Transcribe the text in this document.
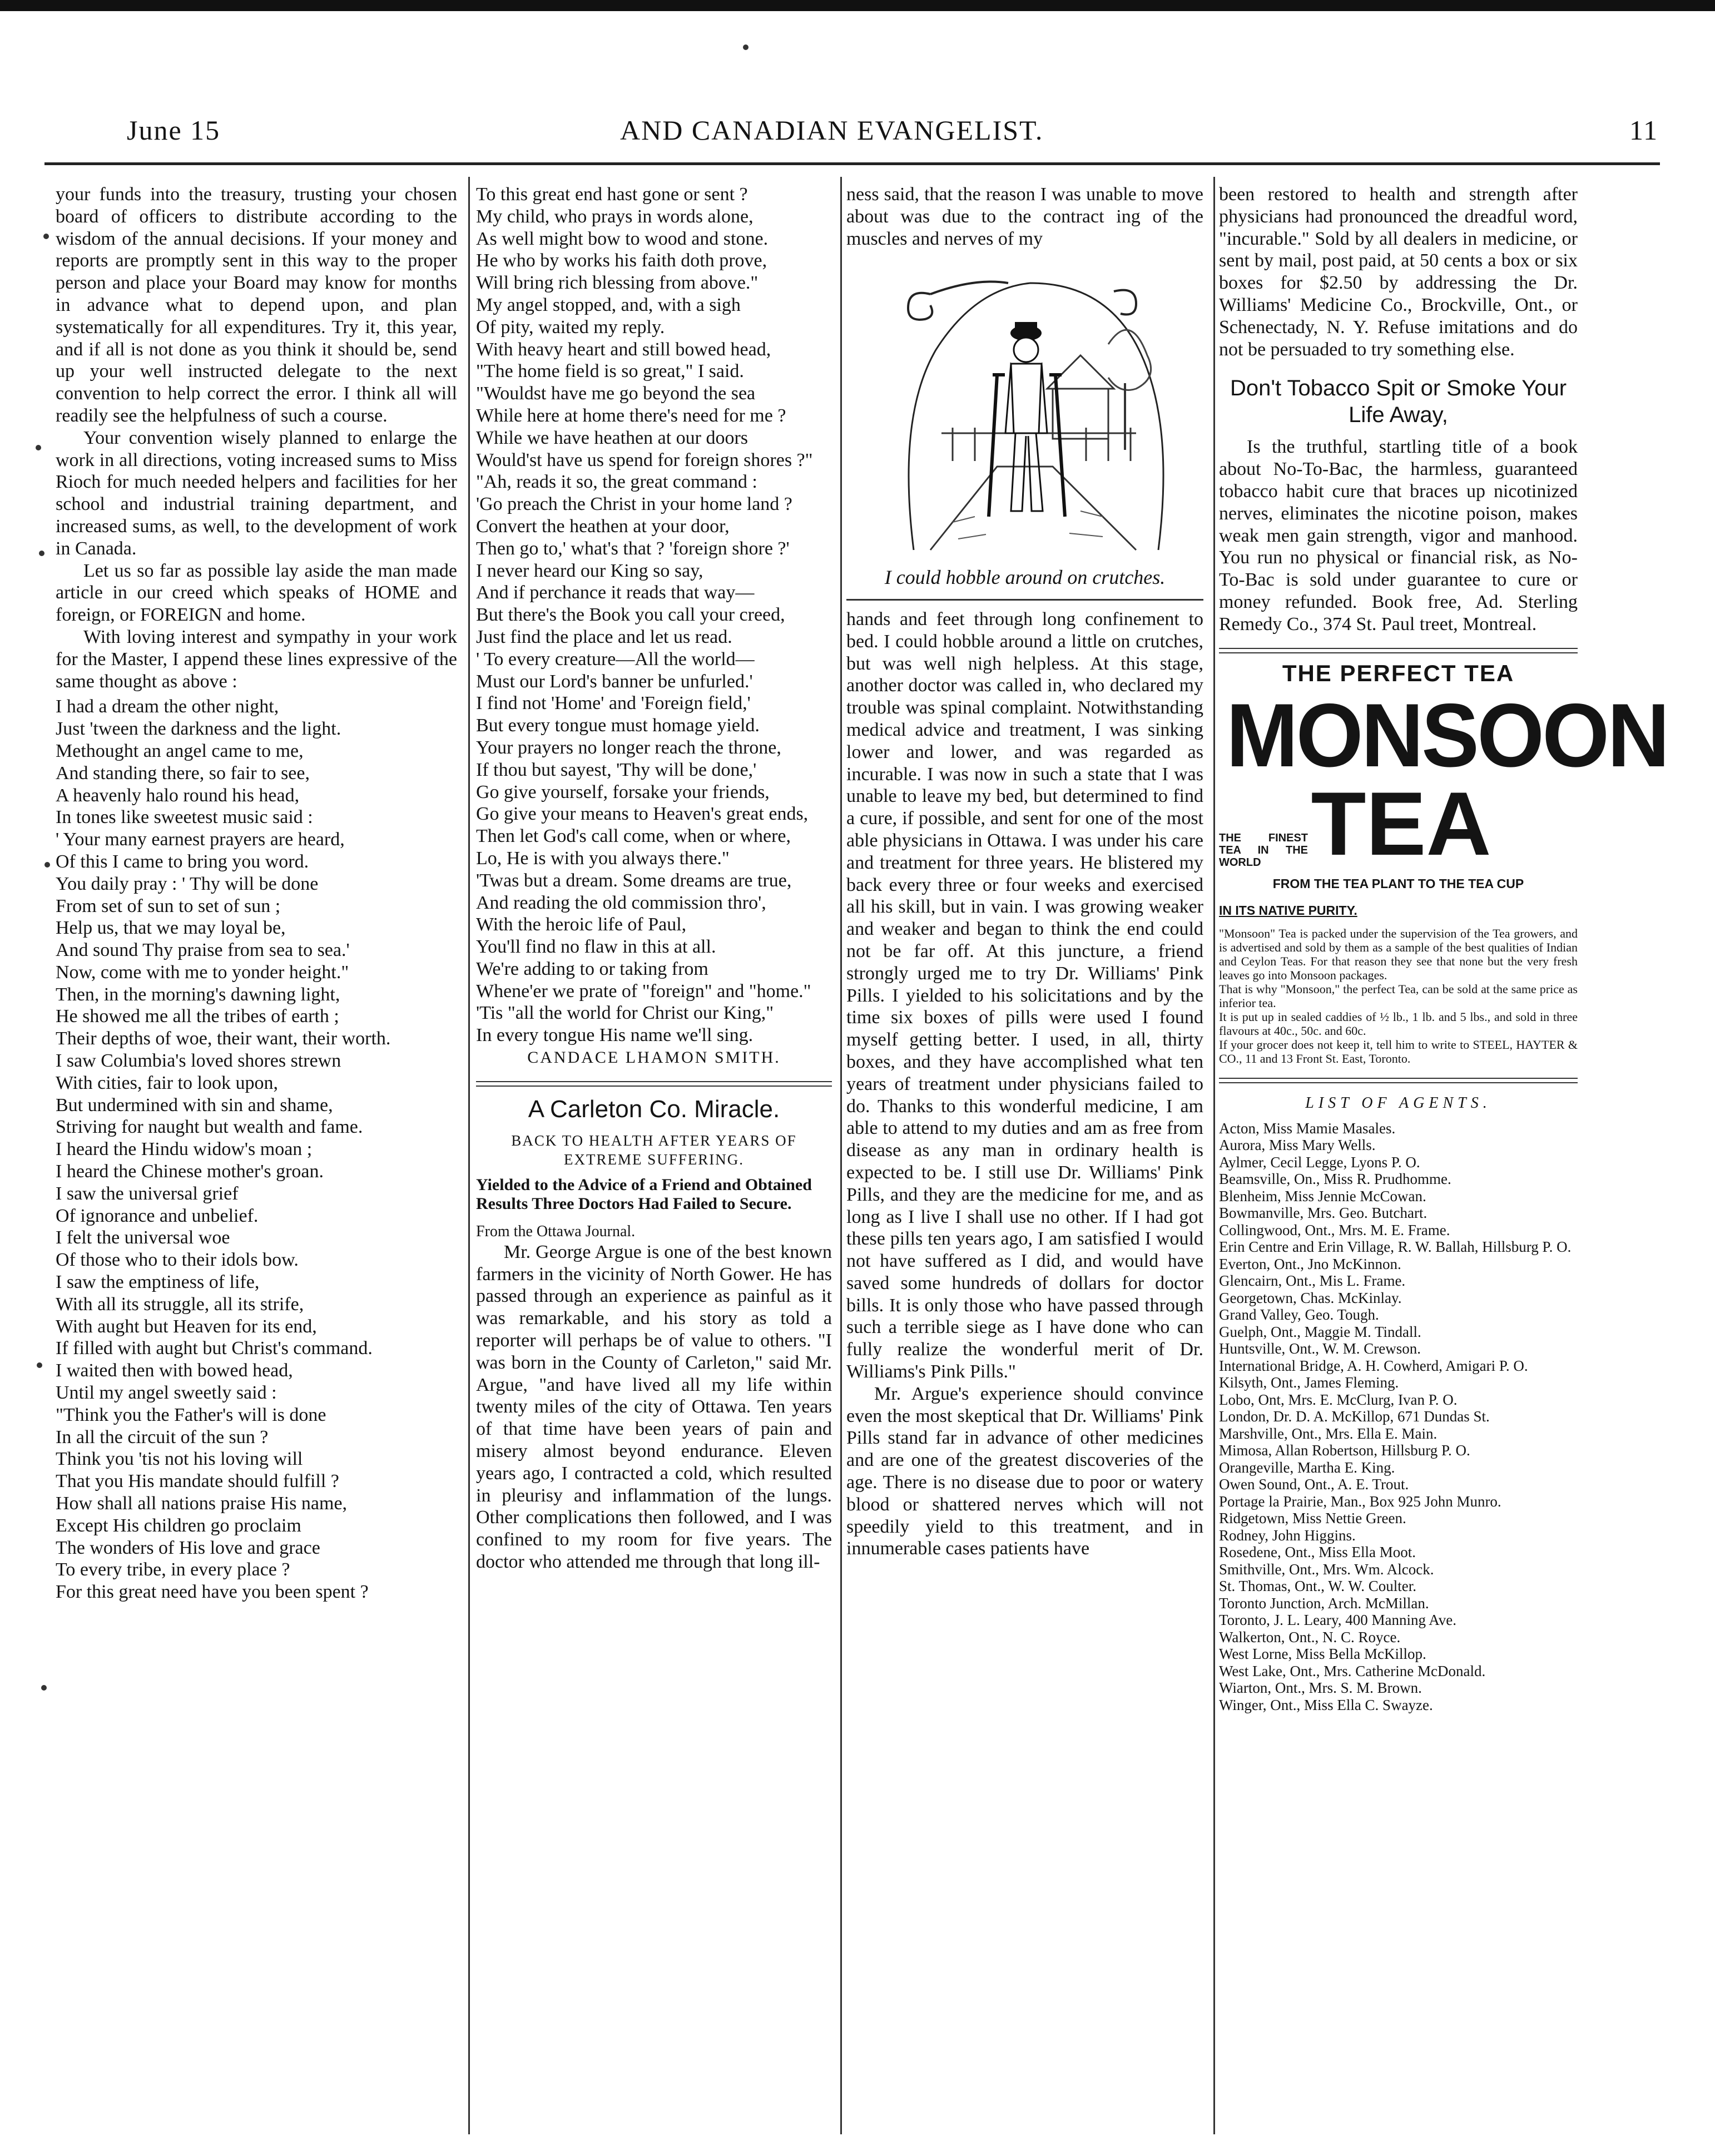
June 15	AND CANADIAN EVANGELIST.	11

your funds into the treasury, trusting your chosen board of officers to distribute according to the wisdom of the annual decisions. If your money and reports are promptly sent in this way to the proper person and place your Board may know for months in advance what to depend upon, and plan systematically for all expenditures. Try it, this year, and if all is not done as you think it should be, send up your well instructed delegate to the next convention to help correct the error. I think all will readily see the helpfulness of such a course.

Your convention wisely planned to enlarge the work in all directions, voting increased sums to Miss Rioch for much needed helpers and facilities for her school and industrial training department, and increased sums, as well, to the development of work in Canada.

Let us so far as possible lay aside the man made article in our creed which speaks of HOME and foreign, or FOREIGN and home.

With loving interest and sympathy in your work for the Master, I append these lines expressive of the same thought as above :

I had a dream the other night,

Just 'tween the darkness and the light.

Methought an angel came to me,

And standing there, so fair to see,

A heavenly halo round his head,

In tones like sweetest music said :

' Your many earnest prayers are heard,

Of this I came to bring you word.

You daily pray : ' Thy will be done

From set of sun to set of sun ;

Help us, that we may loyal be,

And sound Thy praise from sea to sea.'

Now, come with me to yonder height."

Then, in the morning's dawning light,

He showed me all the tribes of earth ;

Their depths of woe, their want, their worth.

I saw Columbia's loved shores strewn

With cities, fair to look upon,

But undermined with sin and shame,

Striving for naught but wealth and fame.

I heard the Hindu widow's moan ;

I heard the Chinese mother's groan.

I saw the universal grief

Of ignorance and unbelief.

I felt the universal woe

Of those who to their idols bow.

I saw the emptiness of life,

With all its struggle, all its strife,

With aught but Heaven for its end,

If filled with aught but Christ's command.

I waited then with bowed head,

Until my angel sweetly said :

"Think you the Father's will is done

In all the circuit of the sun ?

Think you 'tis not his loving will

That you His mandate should fulfill ?

How shall all nations praise His name,

Except His children go proclaim

The wonders of His love and grace

To every tribe, in every place ?

For this great need have you been spent ?

To this great end hast gone or sent ?

My child, who prays in words alone,

As well might bow to wood and stone.

He who by works his faith doth prove,

Will bring rich blessing from above."

My angel stopped, and, with a sigh

Of pity, waited my reply.

With heavy heart and still bowed head,

"The home field is so great," I said.

"Wouldst have me go beyond the sea

While here at home there's need for me ?

While we have heathen at our doors

Would'st have us spend for foreign shores ?"

"Ah, reads it so, the great command :

'Go preach the Christ in your home land ?

Convert the heathen at your door,

Then go to,' what's that ? 'foreign shore ?'

I never heard our King so say,

And if perchance it reads that way—

But there's the Book you call your creed,

Just find the place and let us read.

' To every creature—All the world—

Must our Lord's banner be unfurled.'

I find not 'Home' and 'Foreign field,'

But every tongue must homage yield.

Your prayers no longer reach the throne,

If thou but sayest, 'Thy will be done,'

Go give yourself, forsake your friends,

Go give your means to Heaven's great ends,

Then let God's call come, when or where,

Lo, He is with you always there."

'Twas but a dream. Some dreams are true,

And reading the old commission thro',

With the heroic life of Paul,

You'll find no flaw in this at all.

We're adding to or taking from

Whene'er we prate of "foreign" and "home."

'Tis "all the world for Christ our King,"

In every tongue His name we'll sing.

CANDACE LHAMON SMITH.

A Carleton Co. Miracle.
BACK TO HEALTH AFTER YEARS OF EXTREME SUFFERING.
Yielded to the Advice of a Friend and Obtained Results Three Doctors Had Failed to Secure.

From the Ottawa Journal.

Mr. George Argue is one of the best known farmers in the vicinity of North Gower. He has passed through an experience as painful as it was remarkable, and his story as told a reporter will perhaps be of value to others. "I was born in the County of Carleton," said Mr. Argue, "and have lived all my life within twenty miles of the city of Ottawa. Ten years of that time have been years of pain and misery almost beyond endurance. Eleven years ago, I contracted a cold, which resulted in pleurisy and inflammation of the lungs. Other complications then followed, and I was confined to my room for five years. The doctor who attended me through that long ill-

ness said, that the reason I was unable to move about was due to the contract ing of the muscles and nerves of my

I could hobble around on crutches.

hands and feet through long confinement to bed. I could hobble around a little on crutches, but was well nigh helpless. At this stage, another doctor was called in, who declared my trouble was spinal complaint. Notwithstanding medical advice and treatment, I was sinking lower and lower, and was regarded as incurable. I was now in such a state that I was unable to leave my bed, but determined to find a cure, if possible, and sent for one of the most able physicians in Ottawa. I was under his care and treatment for three years. He blistered my back every three or four weeks and exercised all his skill, but in vain. I was growing weaker and weaker and began to think the end could not be far off. At this juncture, a friend strongly urged me to try Dr. Williams' Pink Pills. I yielded to his solicitations and by the time six boxes of pills were used I found myself getting better. I used, in all, thirty boxes, and they have accomplished what ten years of treatment under physicians failed to do. Thanks to this wonderful medicine, I am able to attend to my duties and am as free from disease as any man in ordinary health is expected to be. I still use Dr. Williams' Pink Pills, and they are the medicine for me, and as long as I live I shall use no other. If I had got these pills ten years ago, I am satisfied I would not have suffered as I did, and would have saved some hundreds of dollars for doctor bills. It is only those who have passed through such a terrible siege as I have done who can fully realize the wonderful merit of Dr. Williams's Pink Pills."

Mr. Argue's experience should convince even the most skeptical that Dr. Williams' Pink Pills stand far in advance of other medicines and are one of the greatest discoveries of the age. There is no disease due to poor or watery blood or shattered nerves which will not speedily yield to this treatment, and in innumerable cases patients have

been restored to health and strength after physicians had pronounced the dreadful word, "incurable." Sold by all dealers in medicine, or sent by mail, post paid, at 50 cents a box or six boxes for $2.50 by addressing the Dr. Williams' Medicine Co., Brockville, Ont., or Schenectady, N. Y. Refuse imitations and do not be persuaded to try something else.

Don't Tobacco Spit or Smoke Your Life Away,

Is the truthful, startling title of a book about No-To-Bac, the harmless, guaranteed tobacco habit cure that braces up nicotinized nerves, eliminates the nicotine poison, makes weak men gain strength, vigor and manhood. You run no physical or financial risk, as No-To-Bac is sold under guarantee to cure or money refunded. Book free, Ad. Sterling Remedy Co., 374 St. Paul treet, Montreal.

THE PERFECT TEA
MONSOON
THE FINEST TEA IN THE WORLD TEA
FROM THE TEA PLANT TO THE TEA CUP
IN ITS NATIVE PURITY.

"Monsoon" Tea is packed under the supervision of the Tea growers, and is advertised and sold by them as a sample of the best qualities of Indian and Ceylon Teas. For that reason they see that none but the very fresh leaves go into Monsoon packages.

That is why "Monsoon," the perfect Tea, can be sold at the same price as inferior tea.

It is put up in sealed caddies of ½ lb., 1 lb. and 5 lbs., and sold in three flavours at 40c., 50c. and 60c.

If your grocer does not keep it, tell him to write to STEEL, HAYTER & CO., 11 and 13 Front St. East, Toronto.

LIST OF AGENTS.

Acton, Miss Mamie Masales.

Aurora, Miss Mary Wells.

Aylmer, Cecil Legge, Lyons P. O.

Beamsville, On., Miss R. Prudhomme.

Blenheim, Miss Jennie McCowan.

Bowmanville, Mrs. Geo. Butchart.

Collingwood, Ont., Mrs. M. E. Frame.

Erin Centre and Erin Village, R. W. Ballah, Hillsburg P. O.

Everton, Ont., Jno McKinnon.

Glencairn, Ont., Mis L. Frame.

Georgetown, Chas. McKinlay.

Grand Valley, Geo. Tough.

Guelph, Ont., Maggie M. Tindall.

Huntsville, Ont., W. M. Crewson.

International Bridge, A. H. Cowherd, Amigari P. O.

Kilsyth, Ont., James Fleming.

Lobo, Ont, Mrs. E. McClurg, Ivan P. O.

London, Dr. D. A. McKillop, 671 Dundas St.

Marshville, Ont., Mrs. Ella E. Main.

Mimosa, Allan Robertson, Hillsburg P. O.

Orangeville, Martha E. King.

Owen Sound, Ont., A. E. Trout.

Portage la Prairie, Man., Box 925 John Munro.

Ridgetown, Miss Nettie Green.

Rodney, John Higgins.

Rosedene, Ont., Miss Ella Moot.

Smithville, Ont., Mrs. Wm. Alcock.

St. Thomas, Ont., W. W. Coulter.

Toronto Junction, Arch. McMillan.

Toronto, J. L. Leary, 400 Manning Ave.

Walkerton, Ont., N. C. Royce.

West Lorne, Miss Bella McKillop.

West Lake, Ont., Mrs. Catherine McDonald.

Wiarton, Ont., Mrs. S. M. Brown.

Winger, Ont., Miss Ella C. Swayze.
